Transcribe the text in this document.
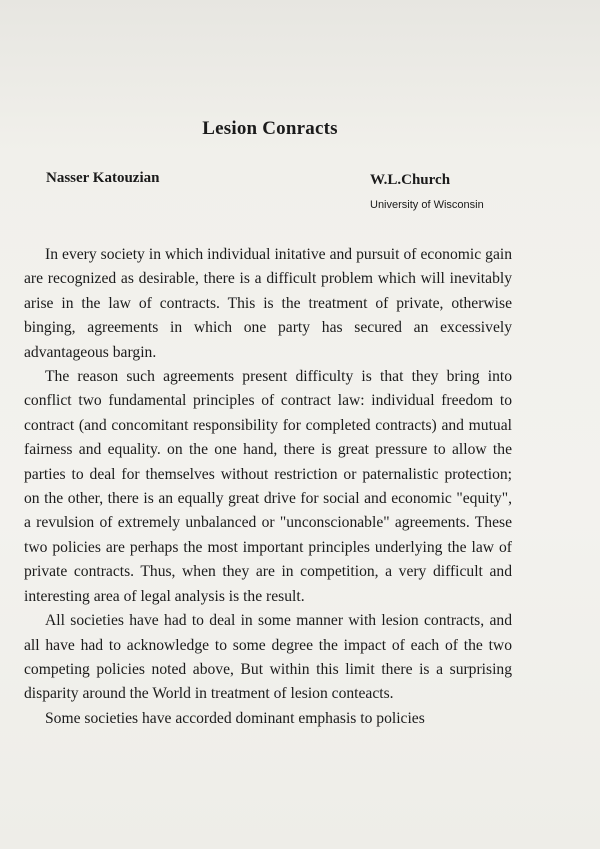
Lesion Conracts
Nasser Katouzian	W.L.Church
University of Wisconsin

In every society in which individual initative and pursuit of economic gain are recognized as desirable, there is a difficult problem which will inevitably arise in the law of contracts. This is the treatment of private, otherwise binging, agreements in which one party has secured an excessively advantageous bargin.

The reason such agreements present difficulty is that they bring into conflict two fundamental principles of contract law: individual freedom to contract (and concomitant responsibility for completed contracts) and mutual fairness and equality. on the one hand, there is great pressure to allow the parties to deal for themselves without restriction or paternalistic protection; on the other, there is an equally great drive for social and economic "equity", a revulsion of extremely unbalanced or "unconscionable" agreements. These two policies are perhaps the most important principles underlying the law of private contracts. Thus, when they are in competition, a very difficult and interesting area of legal analysis is the result.

All societies have had to deal in some manner with lesion contracts, and all have had to acknowledge to some degree the impact of each of the two competing policies noted above, But within this limit there is a surprising disparity around the World in treatment of lesion conteacts.

Some societies have accorded dominant emphasis to policies
